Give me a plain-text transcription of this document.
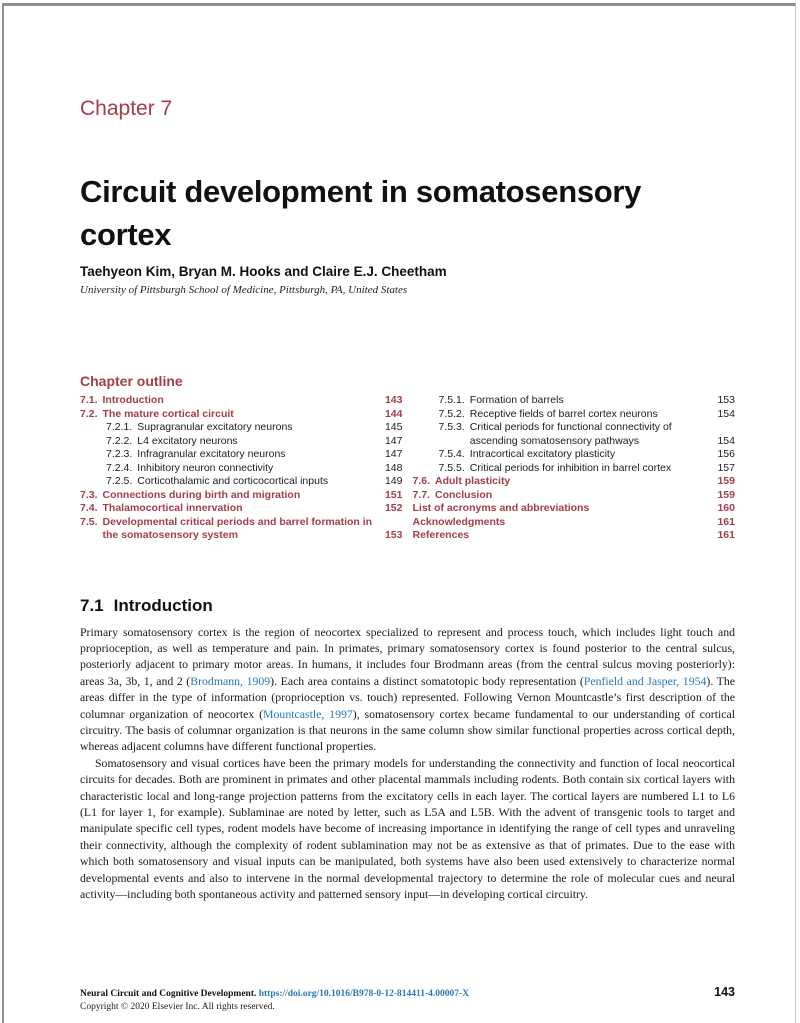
Chapter 7
Circuit development in somatosensory cortex
Taehyeon Kim, Bryan M. Hooks and Claire E.J. Cheetham
University of Pittsburgh School of Medicine, Pittsburgh, PA, United States
Chapter outline
7.1. Introduction	143
7.2. The mature cortical circuit	144
7.2.1. Supragranular excitatory neurons	145
7.2.2. L4 excitatory neurons	147
7.2.3. Infragranular excitatory neurons	147
7.2.4. Inhibitory neuron connectivity	148
7.2.5. Corticothalamic and corticocortical inputs	149
7.3. Connections during birth and migration	151
7.4. Thalamocortical innervation	152
7.5. Developmental critical periods and barrel formation in the somatosensory system	153
7.5.1. Formation of barrels	153
7.5.2. Receptive fields of barrel cortex neurons	154
7.5.3. Critical periods for functional connectivity of ascending somatosensory pathways	154
7.5.4. Intracortical excitatory plasticity	156
7.5.5. Critical periods for inhibition in barrel cortex	157
7.6. Adult plasticity	159
7.7. Conclusion	159
List of acronyms and abbreviations	160
Acknowledgments	161
References	161
7.1 Introduction

Primary somatosensory cortex is the region of neocortex specialized to represent and process touch, which includes light touch and proprioception, as well as temperature and pain. In primates, primary somatosensory cortex is found posterior to the central sulcus, posteriorly adjacent to primary motor areas. In humans, it includes four Brodmann areas (from the central sulcus moving posteriorly): areas 3a, 3b, 1, and 2 (Brodmann, 1909). Each area contains a distinct somatotopic body representation (Penfield and Jasper, 1954). The areas differ in the type of information (proprioception vs. touch) represented. Following Vernon Mountcastle’s first description of the columnar organization of neocortex (Mountcastle, 1997), somatosensory cortex became fundamental to our understanding of cortical circuitry. The basis of columnar organization is that neurons in the same column show similar functional properties across cortical depth, whereas adjacent columns have different functional properties.

Somatosensory and visual cortices have been the primary models for understanding the connectivity and function of local neocortical circuits for decades. Both are prominent in primates and other placental mammals including rodents. Both contain six cortical layers with characteristic local and long-range projection patterns from the excitatory cells in each layer. The cortical layers are numbered L1 to L6 (L1 for layer 1, for example). Sublaminae are noted by letter, such as L5A and L5B. With the advent of transgenic tools to target and manipulate specific cell types, rodent models have become of increasing importance in identifying the range of cell types and unraveling their connectivity, although the complexity of rodent sublamination may not be as extensive as that of primates. Due to the ease with which both somatosensory and visual inputs can be manipulated, both systems have also been used extensively to characterize normal developmental events and also to intervene in the normal developmental trajectory to determine the role of molecular cues and neural activity—including both spontaneous activity and patterned sensory input—in developing cortical circuitry.

Neural Circuit and Cognitive Development. https://doi.org/10.1016/B978-0-12-814411-4.00007-X
Copyright © 2020 Elsevier Inc. All rights reserved.
143
